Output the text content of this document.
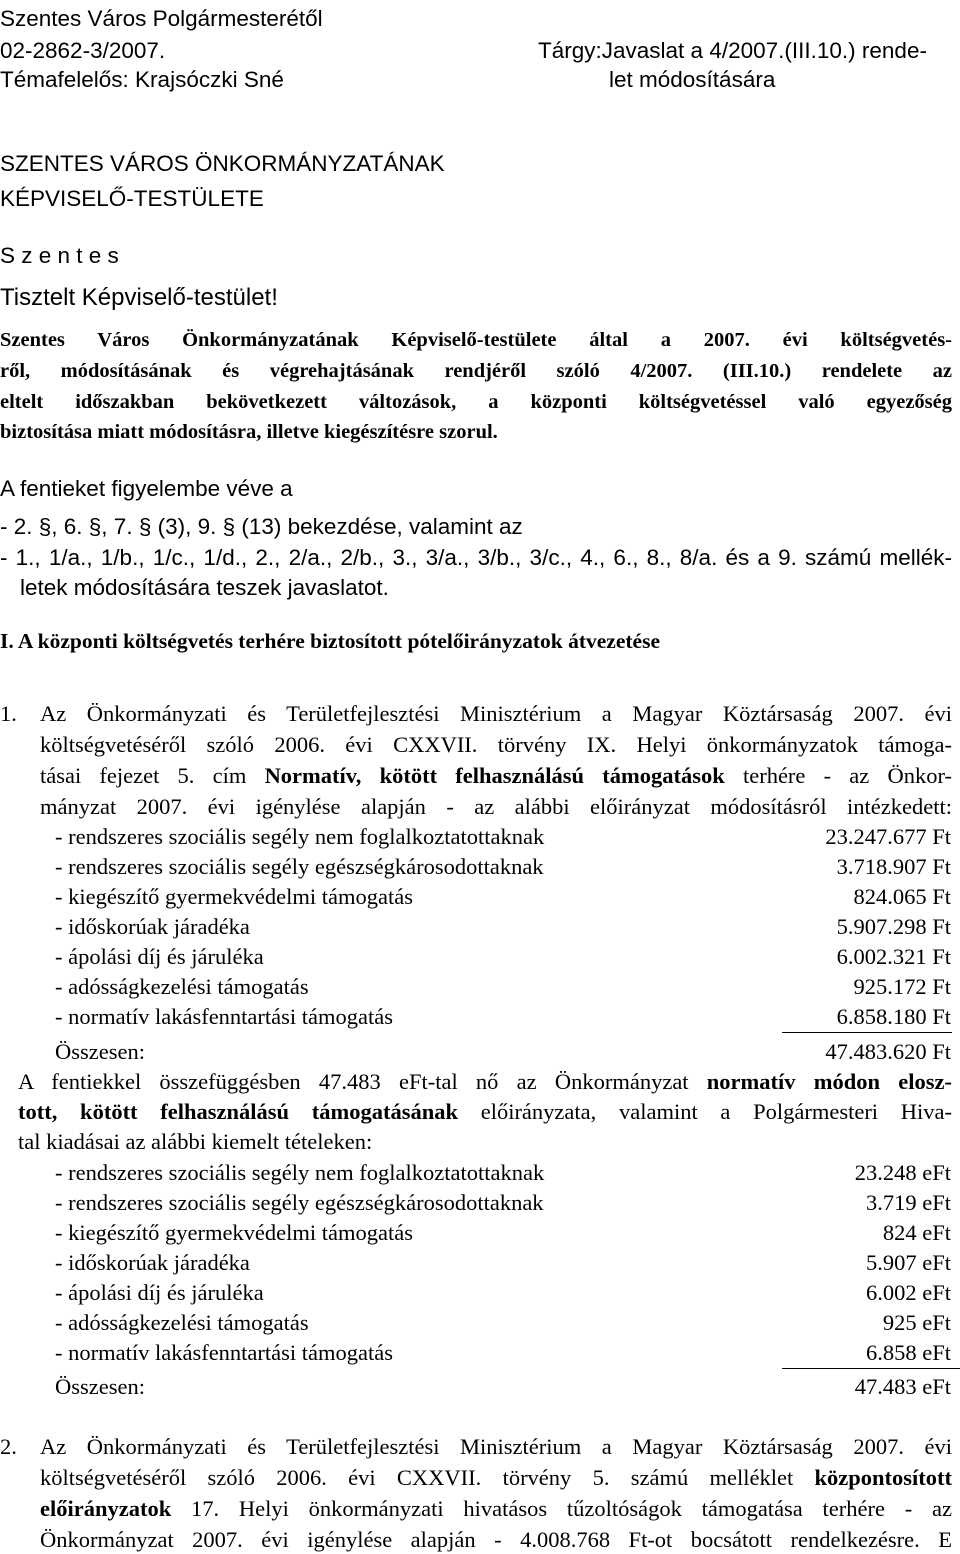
Szentes Város Polgármesterétől
02-2862-3/2007.	Tárgy:Javaslat a 4/2007.(III.10.) rende-
Témafelelős: Krajsóczki Sné	let módosítására
SZENTES VÁROS ÖNKORMÁNYZATÁNAK
KÉPVISELŐ-TESTÜLETE
S z e n t e s
Tisztelt Képviselő-testület!
Szentes Város Önkormányzatának Képviselő-testülete által a 2007. évi költségvetés-
ről, módosításának és végrehajtásának rendjéről szóló 4/2007. (III.10.) rendelete az
eltelt időszakban bekövetkezett változások, a központi költségvetéssel való egyezőség
biztosítása miatt módosításra, illetve kiegészítésre szorul.
A fentieket figyelembe véve a
- 2. §, 6. §, 7. § (3), 9. § (13) bekezdése, valamint az
- 1., 1/a., 1/b., 1/c., 1/d., 2., 2/a., 2/b., 3., 3/a., 3/b., 3/c., 4., 6., 8., 8/a. és a 9. számú mellék-
letek módosítására teszek javaslatot.
I. A központi költségvetés terhére biztosított pótelőirányzatok átvezetése
1. Az Önkormányzati és Területfejlesztési Minisztérium a Magyar Köztársaság 2007. évi
költségvetéséről szóló 2006. évi CXXVII. törvény IX. Helyi önkormányzatok támoga-
tásai fejezet 5. cím Normatív, kötött felhasználású támogatások terhére - az Önkor-
mányzat 2007. évi igénylése alapján - az alábbi előirányzat módosításról intézkedett:
- rendszeres szociális segély nem foglalkoztatottaknak	23.247.677 Ft
- rendszeres szociális segély egészségkárosodottaknak	3.718.907 Ft
- kiegészítő gyermekvédelmi támogatás	824.065 Ft
- időskorúak járadéka	5.907.298 Ft
- ápolási díj és járuléka	6.002.321 Ft
- adósságkezelési támogatás	925.172 Ft
- normatív lakásfenntartási támogatás	6.858.180 Ft
Összesen:	47.483.620 Ft
A fentiekkel összefüggésben 47.483 eFt-tal nő az Önkormányzat normatív módon elosz-
tott, kötött felhasználású támogatásának előirányzata, valamint a Polgármesteri Hiva-
tal kiadásai az alábbi kiemelt tételeken:
- rendszeres szociális segély nem foglalkoztatottaknak	23.248 eFt
- rendszeres szociális segély egészségkárosodottaknak	3.719 eFt
- kiegészítő gyermekvédelmi támogatás	824 eFt
- időskorúak járadéka	5.907 eFt
- ápolási díj és járuléka	6.002 eFt
- adósságkezelési támogatás	925 eFt
- normatív lakásfenntartási támogatás	6.858 eFt
Összesen:	47.483 eFt
2. Az Önkormányzati és Területfejlesztési Minisztérium a Magyar Köztársaság 2007. évi
költségvetéséről szóló 2006. évi CXXVII. törvény 5. számú melléklet központosított
előirányzatok 17. Helyi önkormányzati hivatásos tűzoltóságok támogatása terhére - az
Önkormányzat 2007. évi igénylése alapján - 4.008.768 Ft-ot bocsátott rendelkezésre. E
